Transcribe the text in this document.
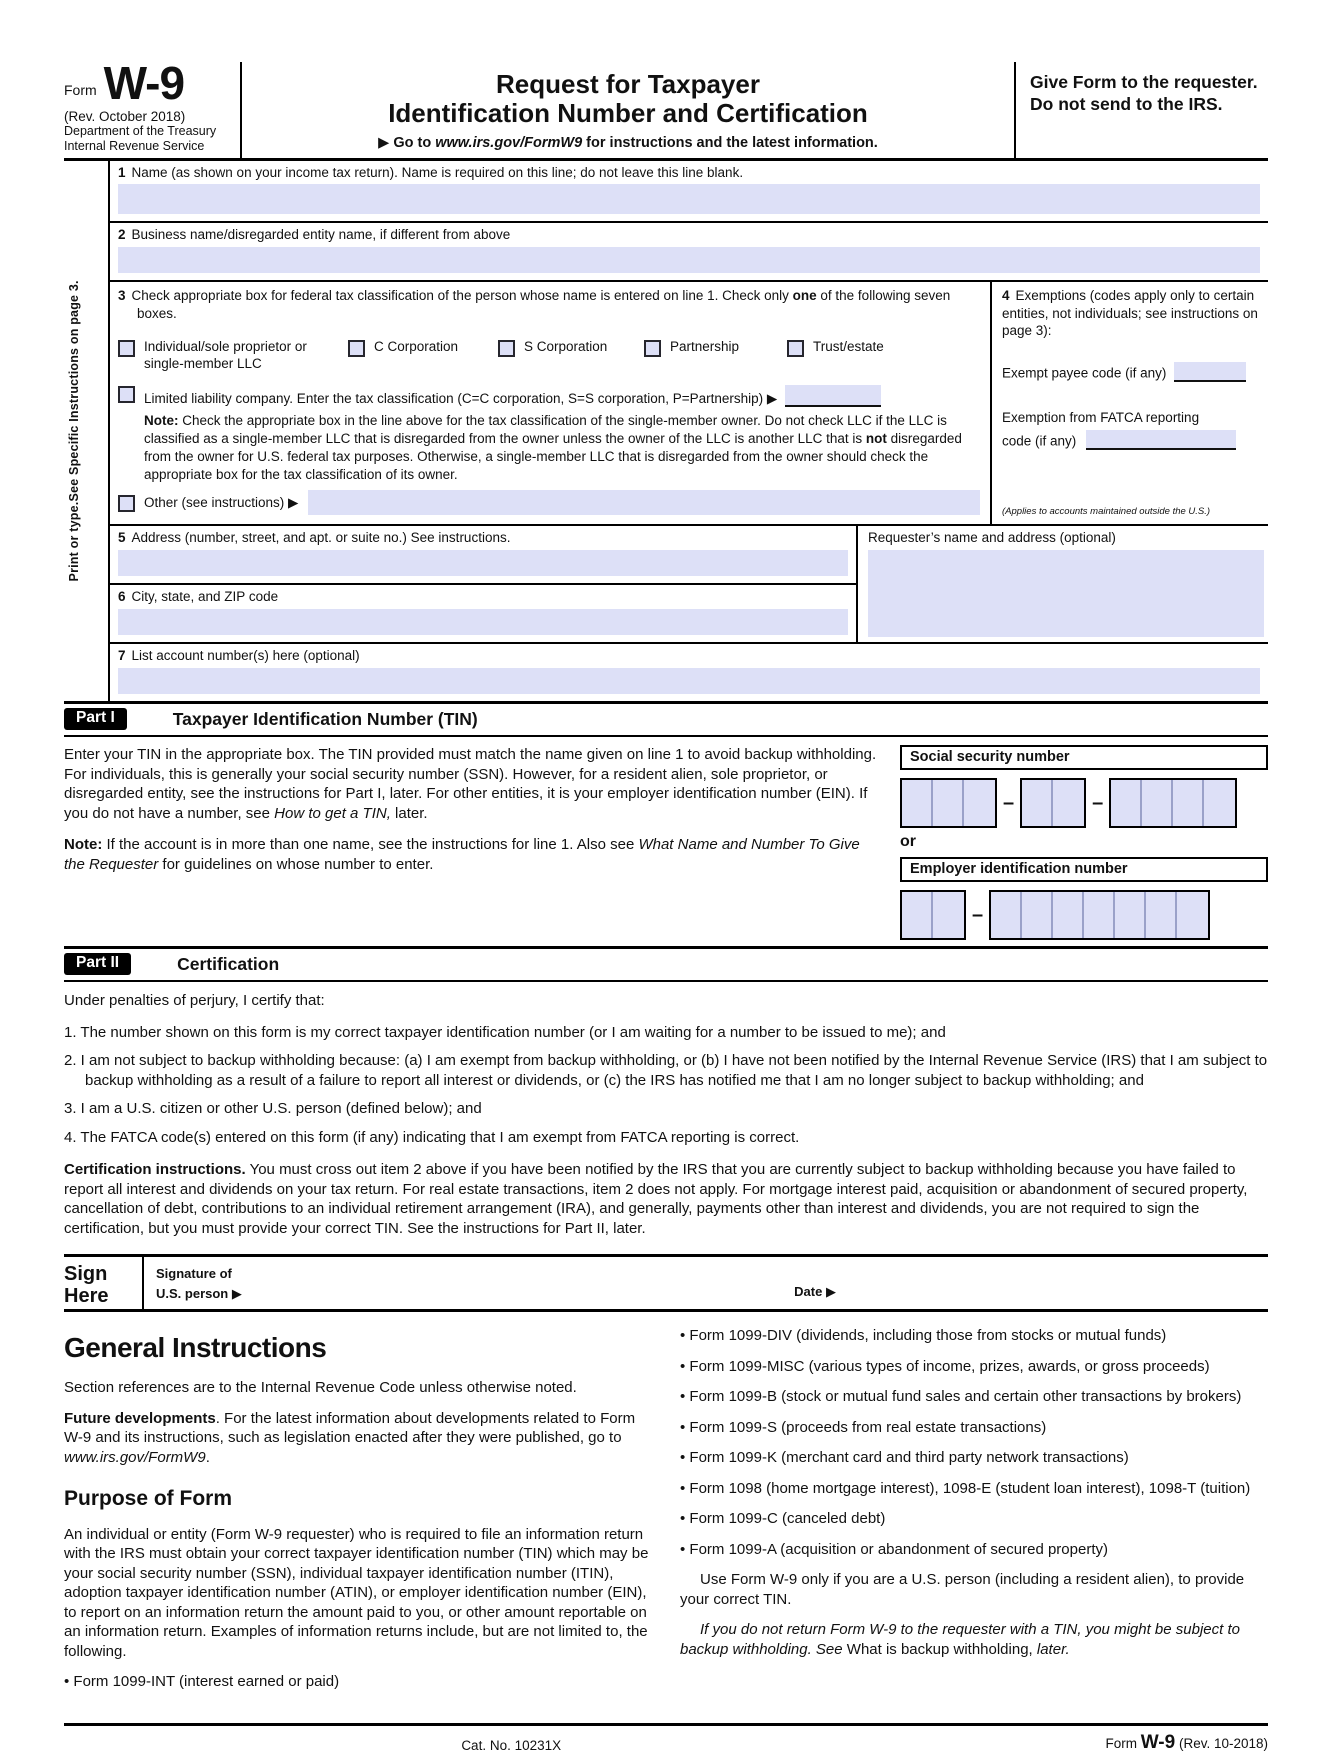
Form W-9
(Rev. October 2018)
Department of the Treasury
Internal Revenue Service
Request for Taxpayer
Identification Number and Certification
▶ Go to www.irs.gov/FormW9 for instructions and the latest information.
Give Form to the requester. Do not send to the IRS.
Print or type.
See Specific Instructions on page 3.
1 Name (as shown on your income tax return). Name is required on this line; do not leave this line blank.
2 Business name/disregarded entity name, if different from above
3 Check appropriate box for federal tax classification of the person whose name is entered on line 1. Check only one of the following seven boxes.
Individual/sole proprietor or single-member LLC
C Corporation	S Corporation	Partnership	Trust/estate
Limited liability company. Enter the tax classification (C=C corporation, S=S corporation, P=Partnership) ▶
Note: Check the appropriate box in the line above for the tax classification of the single-member owner. Do not check LLC if the LLC is classified as a single-member LLC that is disregarded from the owner unless the owner of the LLC is another LLC that is not disregarded from the owner for U.S. federal tax purposes. Otherwise, a single-member LLC that is disregarded from the owner should check the appropriate box for the tax classification of its owner.
Other (see instructions) ▶
4 Exemptions (codes apply only to certain entities, not individuals; see instructions on page 3):
Exempt payee code (if any)
Exemption from FATCA reporting
code (if any)
(Applies to accounts maintained outside the U.S.)
5 Address (number, street, and apt. or suite no.) See instructions.
6 City, state, and ZIP code
Requester’s name and address (optional)
7 List account number(s) here (optional)
Part I	Taxpayer Identification Number (TIN)

Enter your TIN in the appropriate box. The TIN provided must match the name given on line 1 to avoid backup withholding. For individuals, this is generally your social security number (SSN). However, for a resident alien, sole proprietor, or disregarded entity, see the instructions for Part I, later. For other entities, it is your employer identification number (EIN). If you do not have a number, see How to get a TIN, later.

Note: If the account is in more than one name, see the instructions for line 1. Also see What Name and Number To Give the Requester for guidelines on whose number to enter.

Social security number
–	–
or
Employer identification number
–
Part II	Certification
Under penalties of perjury, I certify that:
1. The number shown on this form is my correct taxpayer identification number (or I am waiting for a number to be issued to me); and
2. I am not subject to backup withholding because: (a) I am exempt from backup withholding, or (b) I have not been notified by the Internal Revenue Service (IRS) that I am subject to backup withholding as a result of a failure to report all interest or dividends, or (c) the IRS has notified me that I am no longer subject to backup withholding; and
3. I am a U.S. citizen or other U.S. person (defined below); and
4. The FATCA code(s) entered on this form (if any) indicating that I am exempt from FATCA reporting is correct.
Certification instructions. You must cross out item 2 above if you have been notified by the IRS that you are currently subject to backup withholding because you have failed to report all interest and dividends on your tax return. For real estate transactions, item 2 does not apply. For mortgage interest paid, acquisition or abandonment of secured property, cancellation of debt, contributions to an individual retirement arrangement (IRA), and generally, payments other than interest and dividends, you are not required to sign the certification, but you must provide your correct TIN. See the instructions for Part II, later.
Sign
Here
Signature of
U.S. person ▶	Date ▶
General Instructions

Section references are to the Internal Revenue Code unless otherwise noted.

Future developments. For the latest information about developments related to Form W-9 and its instructions, such as legislation enacted after they were published, go to www.irs.gov/FormW9.

Purpose of Form

An individual or entity (Form W-9 requester) who is required to file an information return with the IRS must obtain your correct taxpayer identification number (TIN) which may be your social security number (SSN), individual taxpayer identification number (ITIN), adoption taxpayer identification number (ATIN), or employer identification number (EIN), to report on an information return the amount paid to you, or other amount reportable on an information return. Examples of information returns include, but are not limited to, the following.

• Form 1099-INT (interest earned or paid)

• Form 1099-DIV (dividends, including those from stocks or mutual funds)

• Form 1099-MISC (various types of income, prizes, awards, or gross proceeds)

• Form 1099-B (stock or mutual fund sales and certain other transactions by brokers)

• Form 1099-S (proceeds from real estate transactions)

• Form 1099-K (merchant card and third party network transactions)

• Form 1098 (home mortgage interest), 1098-E (student loan interest), 1098-T (tuition)

• Form 1099-C (canceled debt)

• Form 1099-A (acquisition or abandonment of secured property)

Use Form W-9 only if you are a U.S. person (including a resident alien), to provide your correct TIN.

If you do not return Form W-9 to the requester with a TIN, you might be subject to backup withholding. See What is backup withholding, later.

Cat. No. 10231X	Form W-9 (Rev. 10-2018)
